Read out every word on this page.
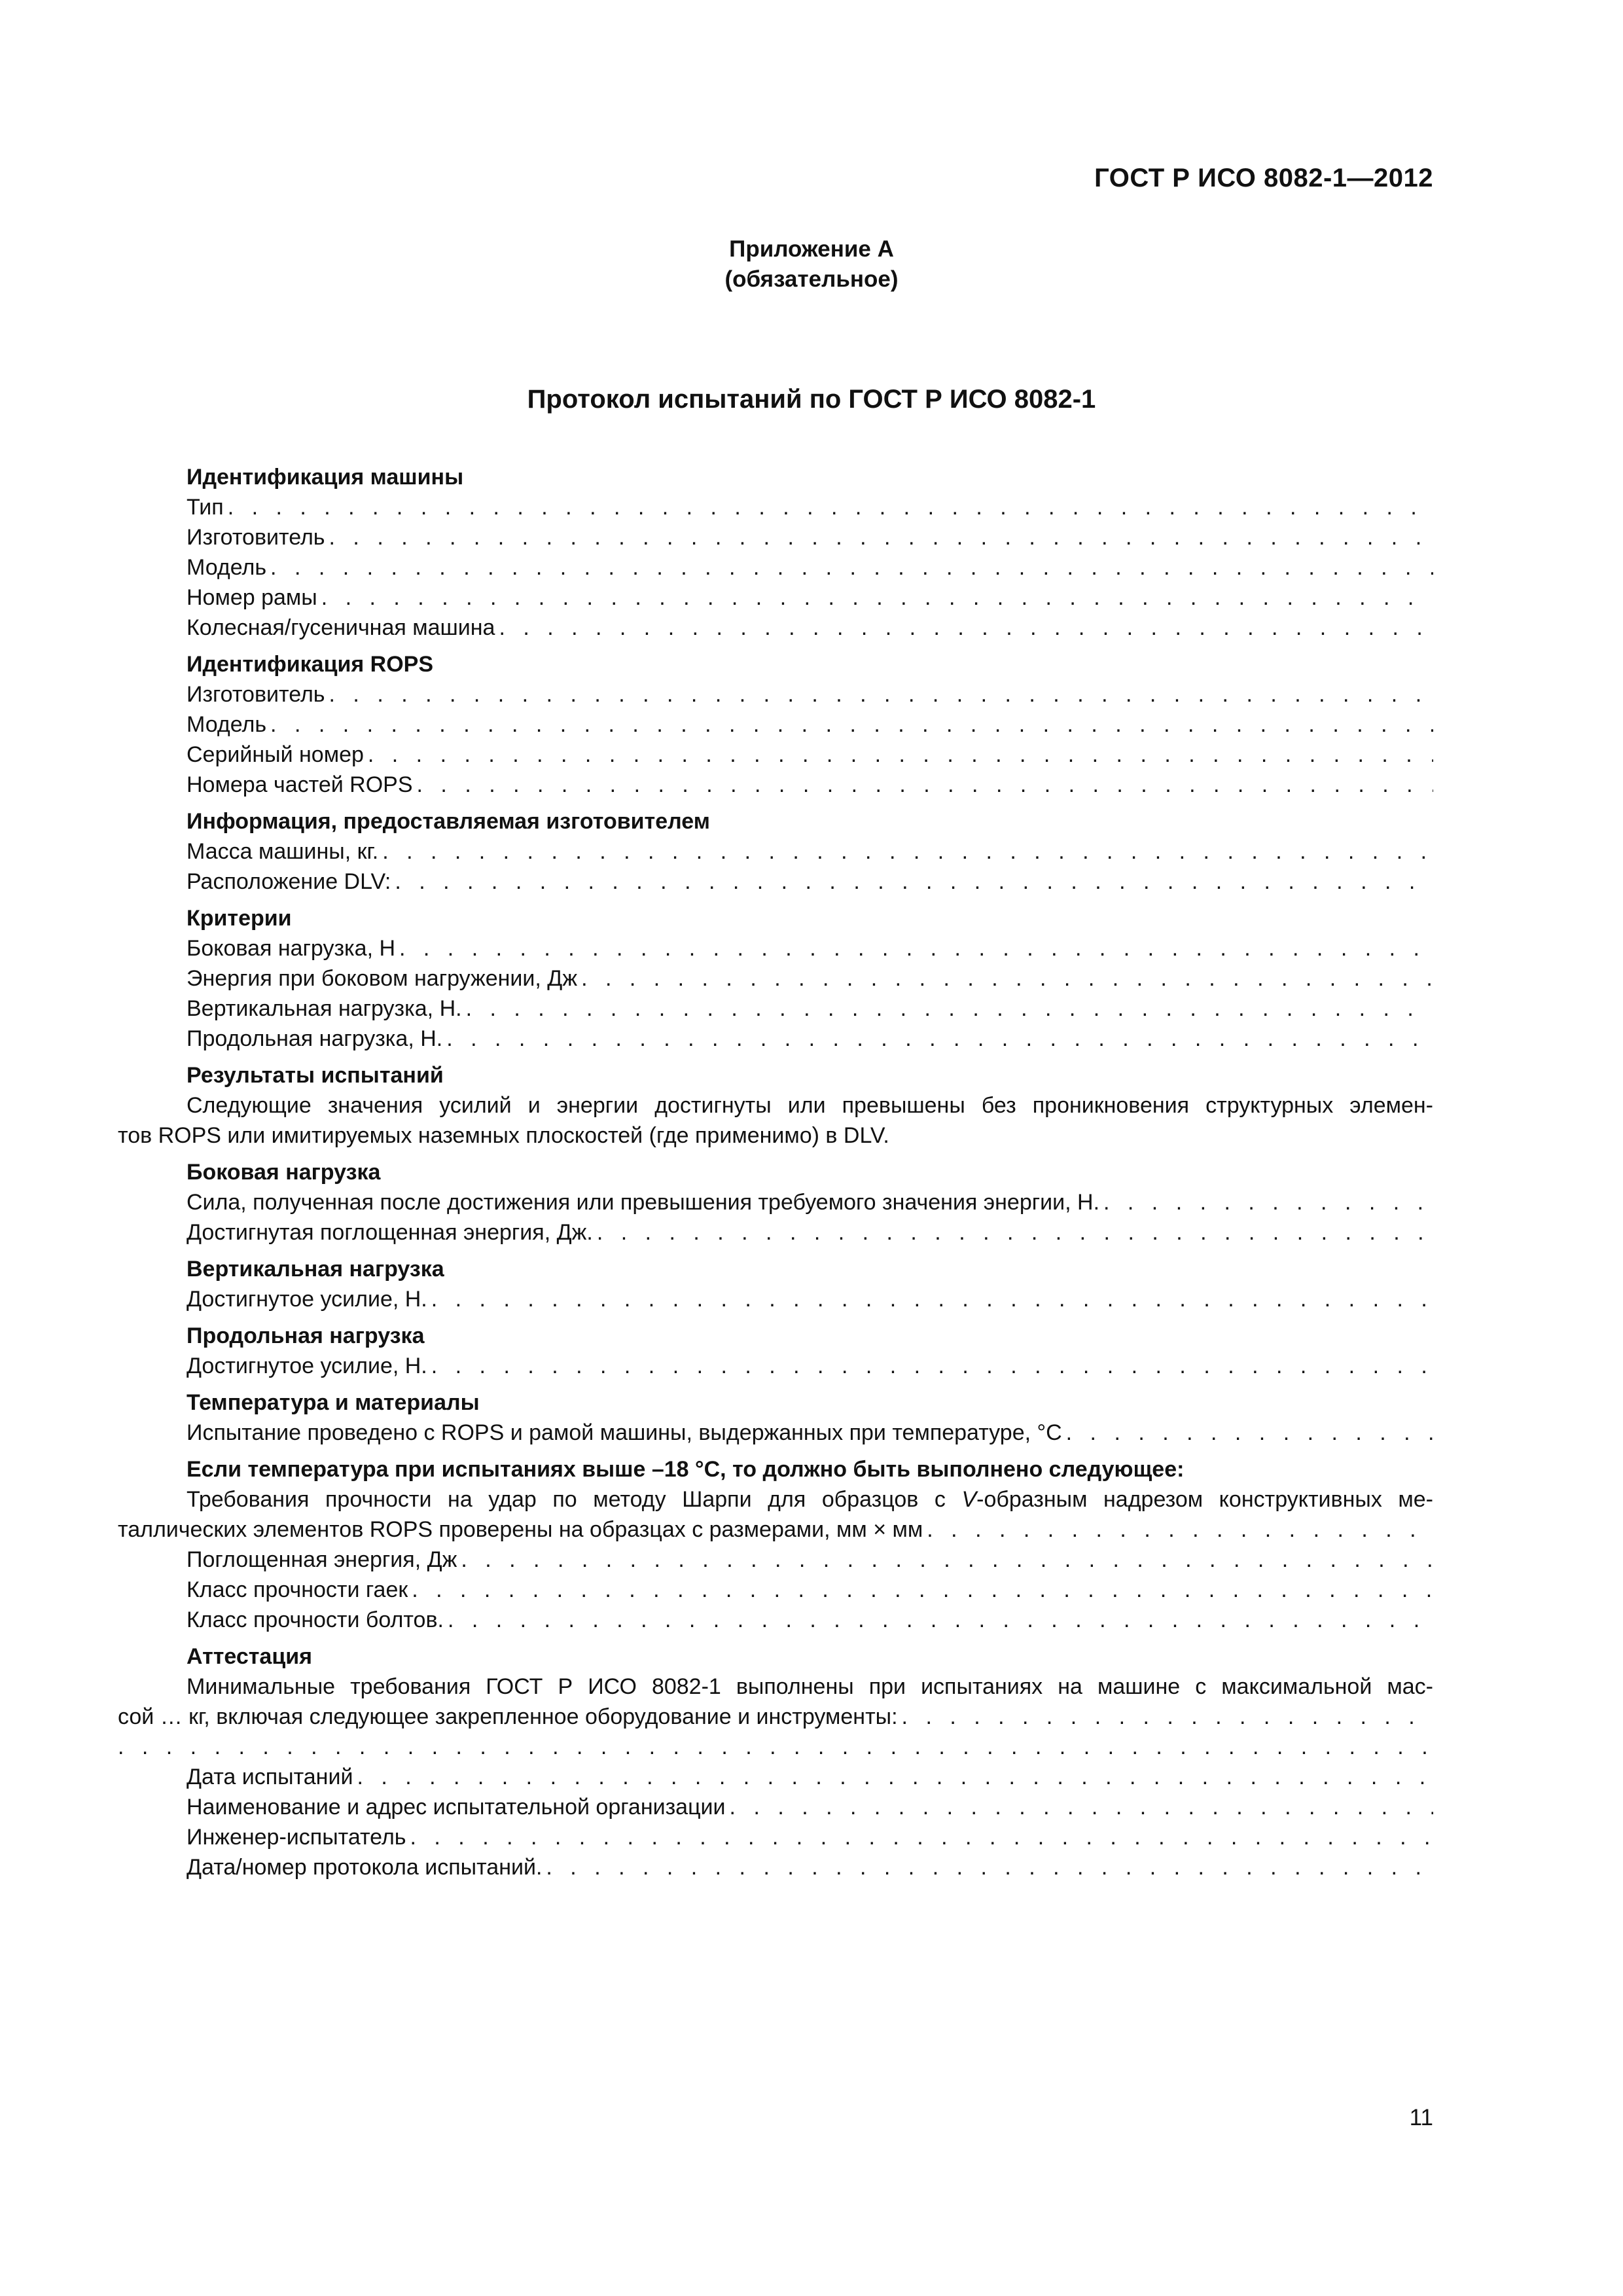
ГОСТ Р ИСО 8082-1—2012
Приложение А
(обязательное)
Протокол испытаний по ГОСТ Р ИСО 8082-1
Идентификация машины
Тип
. . .
Изготовитель
. . .
Модель
. . .
Номер рамы
. . .
Колесная/гусеничная машина
. . .
Идентификация ROPS
Изготовитель
. . .
Модель
. . .
Серийный номер
. . .
Номера частей ROPS
. . .
Информация, предоставляемая изготовителем
Масса машины, кг.
. . .
Расположение DLV:
. . .
Критерии
Боковая нагрузка, Н
. . .
Энергия при боковом нагружении, Дж
. . .
Вертикальная нагрузка, Н.
. . .
Продольная нагрузка, Н.
. . .
Результаты испытаний
Следующие значения усилий и энергии достигнуты или превышены без проникновения структурных элемен-
тов ROPS или имитируемых наземных плоскостей (где применимо) в DLV.
Боковая нагрузка
Сила, полученная после достижения или превышения требуемого значения энергии, Н.
. . .
Достигнутая поглощенная энергия, Дж.
. . .
Вертикальная нагрузка
Достигнутое усилие, Н.
. . .
Продольная нагрузка
Достигнутое усилие, Н.
. . .
Температура и материалы
Испытание проведено с ROPS и рамой машины, выдержанных при температуре, °С
. . .
Если температура при испытаниях выше –18 °С, то должно быть выполнено следующее:
Требования прочности на удар по методу Шарпи для образцов с V-образным надрезом конструктивных ме-
таллических элементов ROPS проверены на образцах с размерами, мм × мм
. . .
Поглощенная энергия, Дж
. . .
Класс прочности гаек
. . .
Класс прочности болтов.
. . .
Аттестация
Минимальные требования ГОСТ Р ИСО 8082-1 выполнены при испытаниях на машине с максимальной мас-
сой … кг, включая следующее закрепленное оборудование и инструменты:
. . .
. . .
Дата испытаний
. . .
Наименование и адрес испытательной организации
. . .
Инженер-испытатель
. . .
Дата/номер протокола испытаний.
. . .
11
